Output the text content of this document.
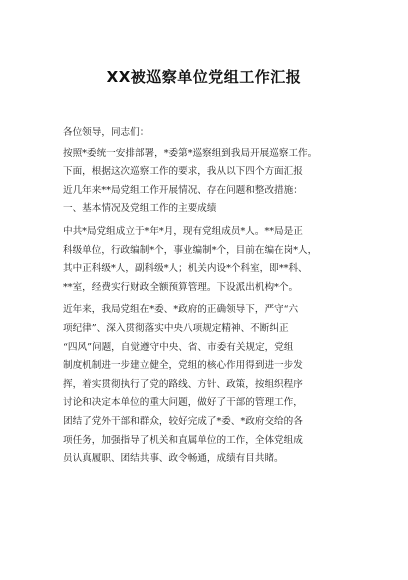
XX被巡察单位党组工作汇报

各位领导，同志们：

按照*委统一安排部署，*委第*巡察组到我局开展巡察工作。

下面，根据这次巡察工作的要求，我从以下四个方面汇报

近几年来**局党组工作开展情况、存在问题和整改措施：

一、基本情况及党组工作的主要成绩

中共*局党组成立于*年*月，现有党组成员*人。**局是正

科级单位，行政编制*个，事业编制*个，目前在编在岗*人，

其中正科级*人，副科级*人；机关内设*个科室，即**科、

**室，经费实行财政全额预算管理。下设派出机构*个。

近年来，我局党组在*委、*政府的正确领导下，严守“六

项纪律”、深入贯彻落实中央八项规定精神、不断纠正

“四风”问题，自觉遵守中央、省、市委有关规定，党组

制度机制进一步建立健全，党组的核心作用得到进一步发

挥，着实贯彻执行了党的路线、方针、政策，按组织程序

讨论和决定本单位的重大问题，做好了干部的管理工作，

团结了党外干部和群众，较好完成了*委、*政府交给的各

项任务，加强指导了机关和直属单位的工作，全体党组成

员认真履职、团结共事、政令畅通，成绩有目共睹。
